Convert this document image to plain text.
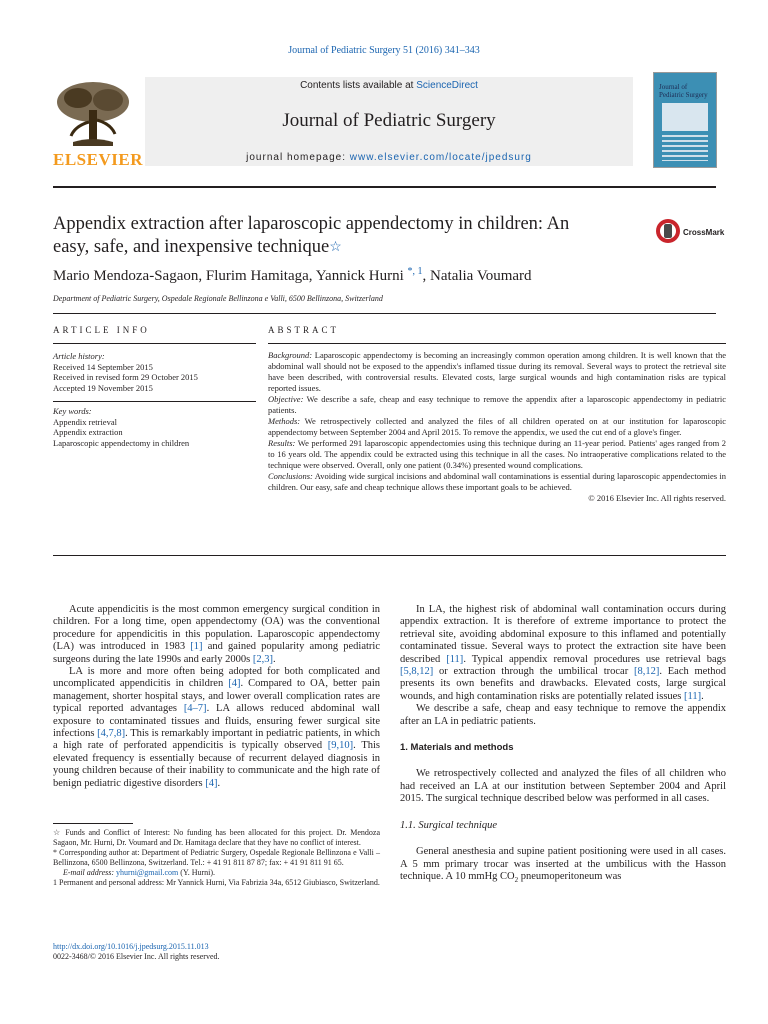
Journal of Pediatric Surgery 51 (2016) 341–343
ELSEVIER
Contents lists available at ScienceDirect
Journal of Pediatric Surgery
journal homepage: www.elsevier.com/locate/jpedsurg
Journal of
Pediatric Surgery
Appendix extraction after laparoscopic appendectomy in children: An
easy, safe, and inexpensive technique☆
CrossMark
Mario Mendoza-Sagaon, Flurim Hamitaga, Yannick Hurni $^{*, 1}$, Natalia Voumard
Department of Pediatric Surgery, Ospedale Regionale Bellinzona e Valli, 6500 Bellinzona, Switzerland
ARTICLE INFO
Article history:
Received 14 September 2015
Received in revised form 29 October 2015
Accepted 19 November 2015
Key words:
Appendix retrieval
Appendix extraction
Laparoscopic appendectomy in children
ABSTRACT
Background: Laparoscopic appendectomy is becoming an increasingly common operation among children. It is well known that the abdominal wall should not be exposed to the appendix's inflamed tissue during its removal. Several ways to protect the retrieval site have been described, with controversial results. Elevated costs, large surgical wounds and high contamination risks are typical reported issues.
Objective: We describe a safe, cheap and easy technique to remove the appendix after a laparoscopic appendectomy in pediatric patients.
Methods: We retrospectively collected and analyzed the files of all children operated on at our institution for laparoscopic appendectomy between September 2004 and April 2015. To remove the appendix, we used the cut end of a glove's finger.
Results: We performed 291 laparoscopic appendectomies using this technique during an 11-year period. Patients' ages ranged from 2 to 16 years old. The appendix could be extracted using this technique in all the cases. No intraoperative complications related to the technique were observed. Overall, only one patient (0.34%) presented wound complications.
Conclusions: Avoiding wide surgical incisions and abdominal wall contaminations is essential during laparoscopic appendectomies in children. Our easy, safe and cheap technique allows these important goals to be achieved.
© 2016 Elsevier Inc. All rights reserved.

Acute appendicitis is the most common emergency surgical condition in children. For a long time, open appendectomy (OA) was the conventional procedure for appendicitis in this population. Laparoscopic appendectomy (LA) was introduced in 1983 [1] and gained popularity among pediatric surgeons during the late 1990s and early 2000s [2,3].

LA is more and more often being adopted for both complicated and uncomplicated appendicitis in children [4]. Compared to OA, better pain management, shorter hospital stays, and lower overall complication rates are typical reported advantages [4–7]. LA allows reduced abdominal wall exposure to contaminated tissues and fluids, ensuring fewer surgical site infections [4,7,8]. This is remarkably important in pediatric patients, in which a high rate of perforated appendicitis is typically observed [9,10]. This elevated frequency is essentially because of recurrent delayed diagnosis in young children because of their inability to communicate and the high rate of benign pediatric digestive disorders [4].

☆ Funds and Conflict of Interest: No funding has been allocated for this project. Dr. Mendoza Sagaon, Mr. Hurni, Dr. Voumard and Dr. Hamitaga declare that they have no conflict of interest.
* Corresponding author at: Department of Pediatric Surgery, Ospedale Regionale Bellinzona e Valli – Bellinzona, 6500 Bellinzona, Switzerland. Tel.: + 41 91 811 87 87; fax: + 41 91 811 91 65.
E-mail address: yhurni@gmail.com (Y. Hurni).
1 Permanent and personal address: Mr Yannick Hurni, Via Fabrizia 34a, 6512 Giubiasco, Switzerland.
http://dx.doi.org/10.1016/j.jpedsurg.2015.11.013
0022-3468/© 2016 Elsevier Inc. All rights reserved.

In LA, the highest risk of abdominal wall contamination occurs during appendix extraction. It is therefore of extreme importance to protect the retrieval site, avoiding abdominal exposure to this inflamed and potentially contaminated tissue. Several ways to protect the extraction site have been described [11]. Typical appendix removal procedures use retrieval bags [5,8,12] or extraction through the umbilical trocar [8,12]. Each method presents its own benefits and drawbacks. Elevated costs, large surgical wounds, and high contamination risks are potentially related issues [11].

We describe a safe, cheap and easy technique to remove the appendix after an LA in pediatric patients.

1. Materials and methods

We retrospectively collected and analyzed the files of all children who had received an LA at our institution between September 2004 and April 2015. The surgical technique described below was performed in all cases.

1.1. Surgical technique

General anesthesia and supine patient positioning were used in all cases. A 5 mm primary trocar was inserted at the umbilicus with the Hasson technique. A 10 mmHg $CO_2$ pneumoperitoneum was
